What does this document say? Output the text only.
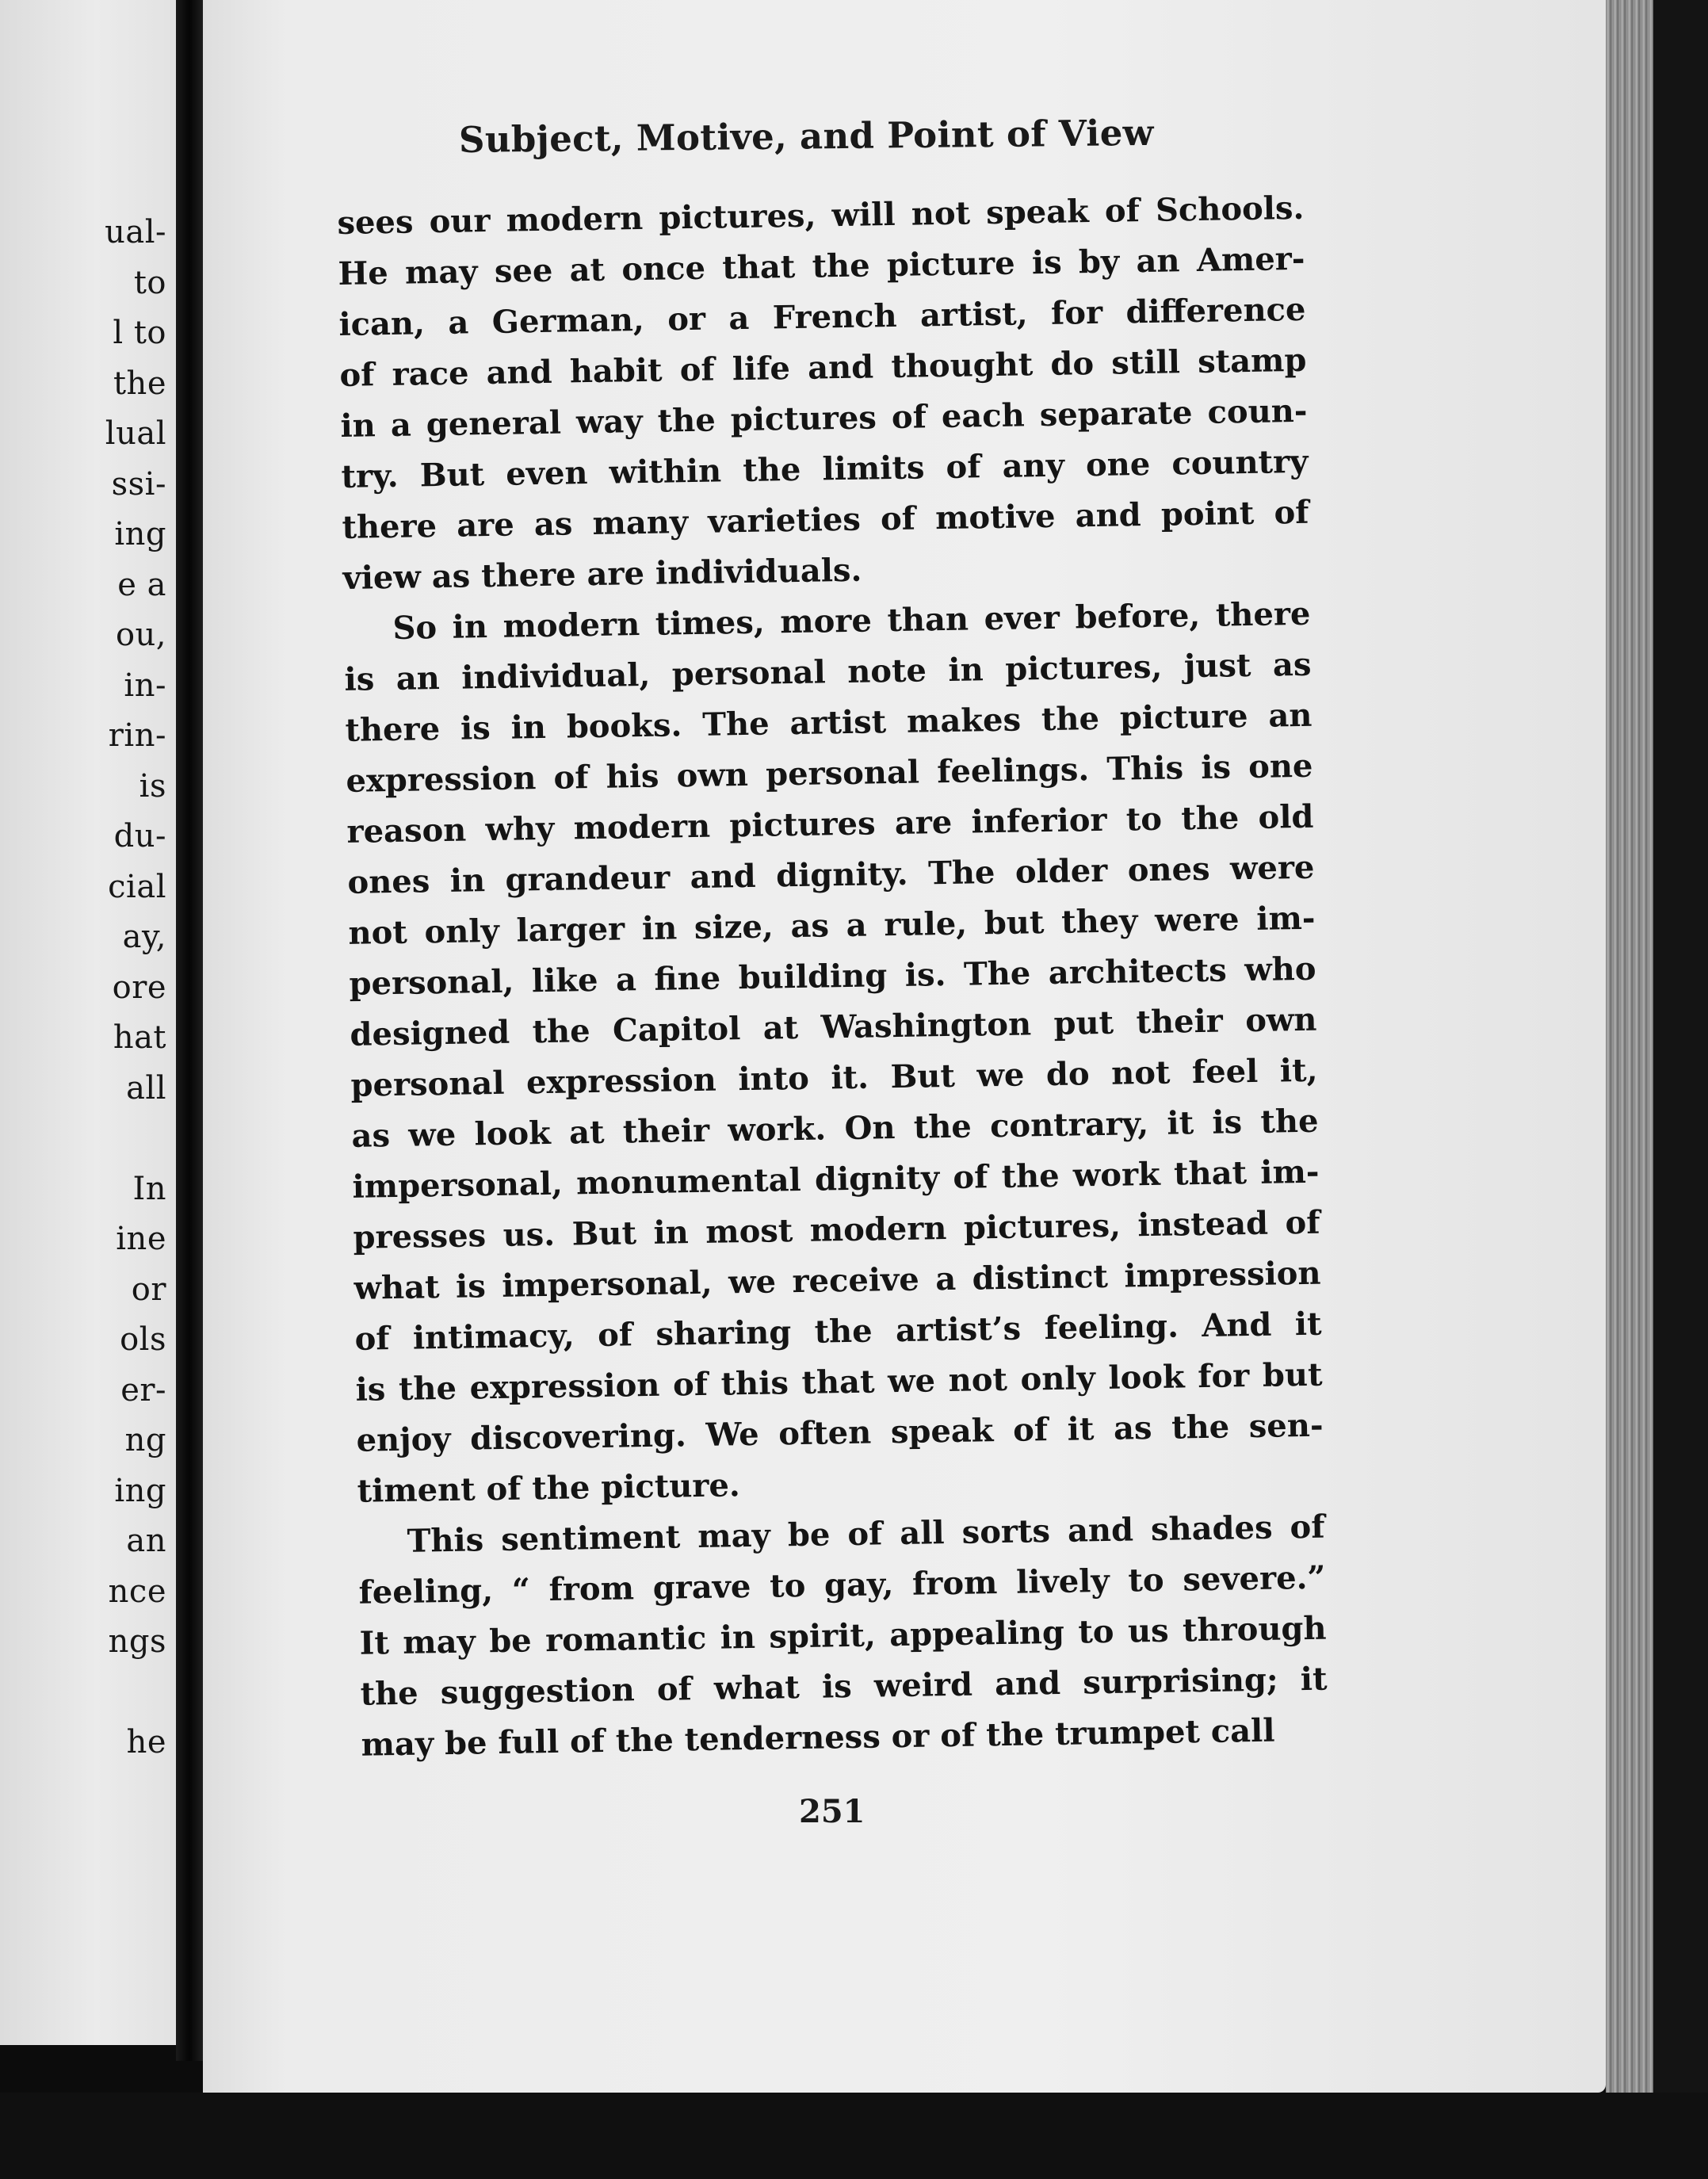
ual-
to
l to
the
lual
ssi-
ing
e a
ou,
in-
rin-
is
du-
cial
ay,
ore
hat
all
In
ine
or
ols
er-
ng
ing
an
nce
ngs
he
Subject, Motive, and Point of View
sees our modern pictures, will not speak of Schools.
He may see at once that the picture is by an Amer-
ican, a German, or a French artist, for difference
of race and habit of life and thought do still stamp
in a general way the pictures of each separate coun-
try. But even within the limits of any one country
there are as many varieties of motive and point of
view as there are individuals.
So in modern times, more than ever before, there
is an individual, personal note in pictures, just as
there is in books. The artist makes the picture an
expression of his own personal feelings. This is one
reason why modern pictures are inferior to the old
ones in grandeur and dignity. The older ones were
not only larger in size, as a rule, but they were im-
personal, like a fine building is. The architects who
designed the Capitol at Washington put their own
personal expression into it. But we do not feel it,
as we look at their work. On the contrary, it is the
impersonal, monumental dignity of the work that im-
presses us. But in most modern pictures, instead of
what is impersonal, we receive a distinct impression
of intimacy, of sharing the artist’s feeling. And it
is the expression of this that we not only look for but
enjoy discovering. We often speak of it as the sen-
timent of the picture.
This sentiment may be of all sorts and shades of
feeling, “ from grave to gay, from lively to severe.”
It may be romantic in spirit, appealing to us through
the suggestion of what is weird and surprising; it
may be full of the tenderness or of the trumpet call
251
